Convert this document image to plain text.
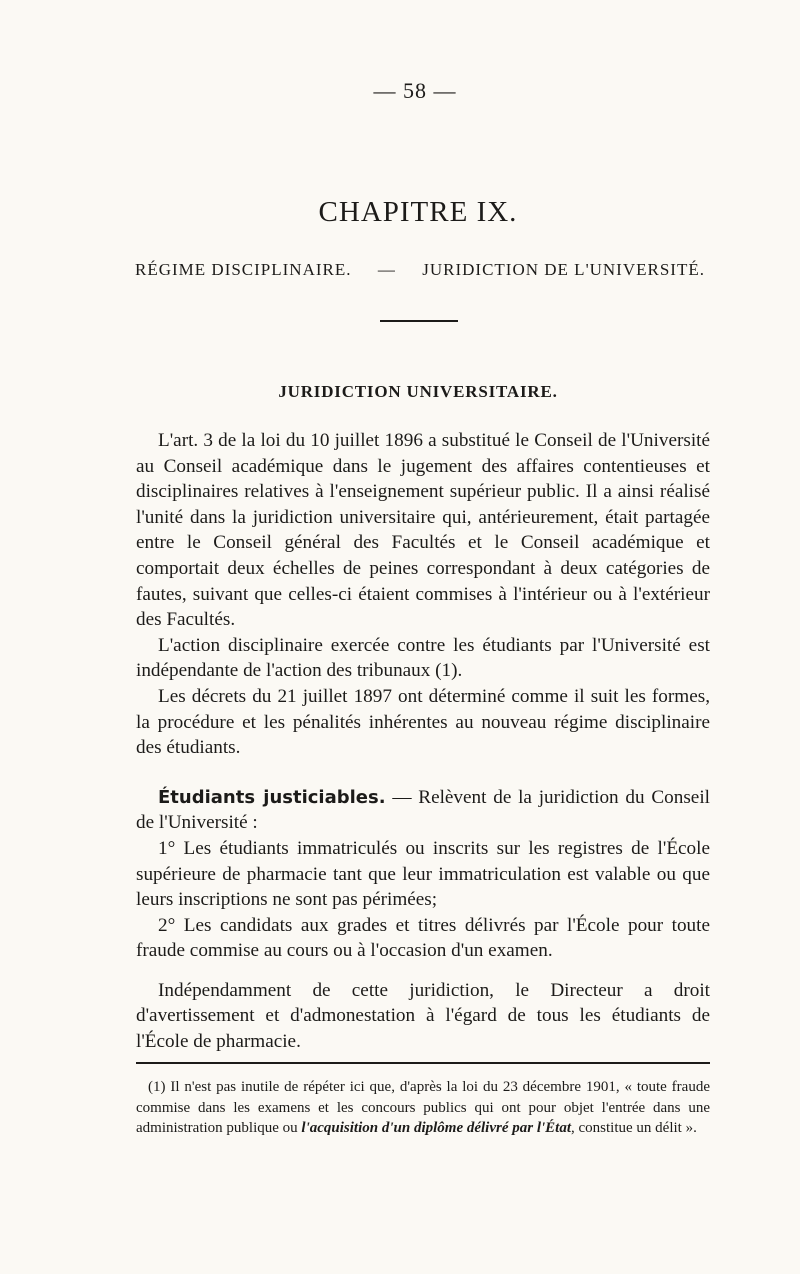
— 58 —
CHAPITRE IX.
RÉGIME DISCIPLINAIRE. — JURIDICTION DE L'UNIVERSITÉ.
JURIDICTION UNIVERSITAIRE.

L'art. 3 de la loi du 10 juillet 1896 a substitué le Conseil de l'Université au Conseil académique dans le jugement des affaires contentieuses et disciplinaires relatives à l'enseignement supérieur public. Il a ainsi réalisé l'unité dans la juridiction universitaire qui, antérieurement, était partagée entre le Conseil général des Facultés et le Conseil académique et comportait deux échelles de peines correspondant à deux catégories de fautes, suivant que celles-ci étaient commises à l'intérieur ou à l'extérieur des Facultés.

L'action disciplinaire exercée contre les étudiants par l'Université est indépendante de l'action des tribunaux (1).

Les décrets du 21 juillet 1897 ont déterminé comme il suit les formes, la procédure et les pénalités inhérentes au nouveau régime disciplinaire des étudiants.

Étudiants justiciables. — Relèvent de la juridiction du Conseil de l'Université :

1° Les étudiants immatriculés ou inscrits sur les registres de l'École supérieure de pharmacie tant que leur immatriculation est valable ou que leurs inscriptions ne sont pas périmées;

2° Les candidats aux grades et titres délivrés par l'École pour toute fraude commise au cours ou à l'occasion d'un examen.

Indépendamment de cette juridiction, le Directeur a droit d'avertissement et d'admonestation à l'égard de tous les étudiants de l'École de pharmacie.

(1) Il n'est pas inutile de répéter ici que, d'après la loi du 23 décembre 1901, « toute fraude commise dans les examens et les concours publics qui ont pour objet l'entrée dans une administration publique ou l'acquisition d'un diplôme délivré par l'État, constitue un délit ».
